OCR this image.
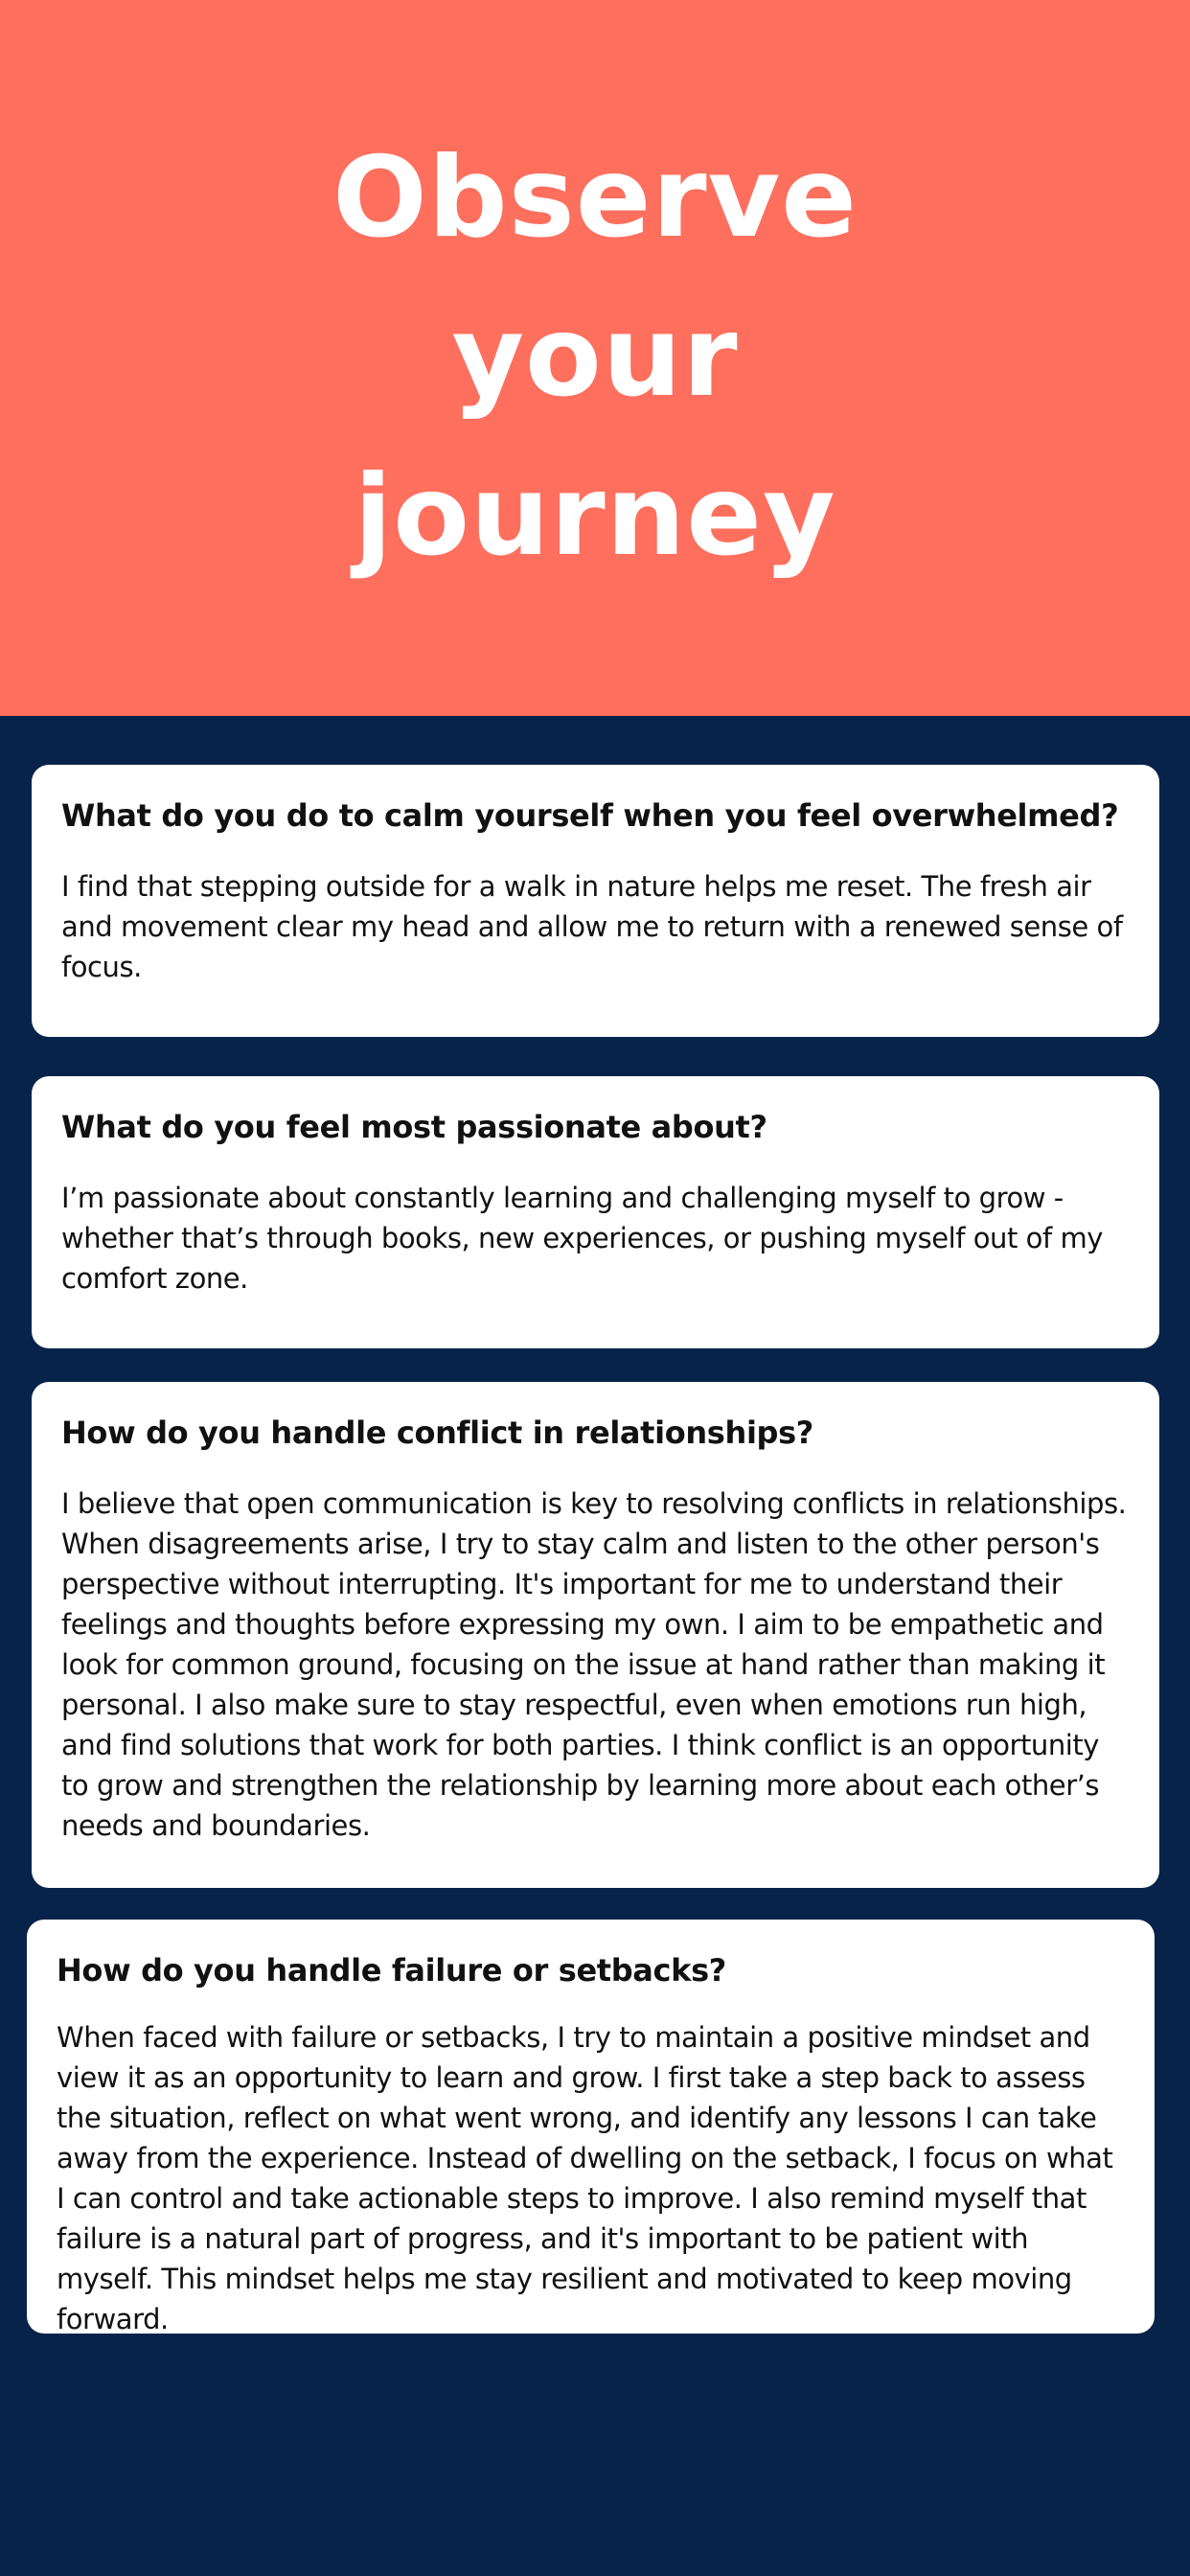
Observe
your
journey
What do you do to calm yourself when you feel overwhelmed?

I find that stepping outside for a walk in nature helps me reset. The fresh air and movement clear my head and allow me to return with a renewed sense of focus.

What do you feel most passionate about?

I’m passionate about constantly learning and challenging myself to grow - whether that’s through books, new experiences, or pushing myself out of my comfort zone.

How do you handle conflict in relationships?

I believe that open communication is key to resolving conflicts in relationships. When disagreements arise, I try to stay calm and listen to the other person's perspective without interrupting. It's important for me to understand their feelings and thoughts before expressing my own. I aim to be empathetic and look for common ground, focusing on the issue at hand rather than making it personal. I also make sure to stay respectful, even when emotions run high, and find solutions that work for both parties. I think conflict is an opportunity to grow and strengthen the relationship by learning more about each other’s needs and boundaries.

How do you handle failure or setbacks?

When faced with failure or setbacks, I try to maintain a positive mindset and view it as an opportunity to learn and grow. I first take a step back to assess the situation, reflect on what went wrong, and identify any lessons I can take away from the experience. Instead of dwelling on the setback, I focus on what I can control and take actionable steps to improve. I also remind myself that failure is a natural part of progress, and it's important to be patient with myself. This mindset helps me stay resilient and motivated to keep moving forward.
